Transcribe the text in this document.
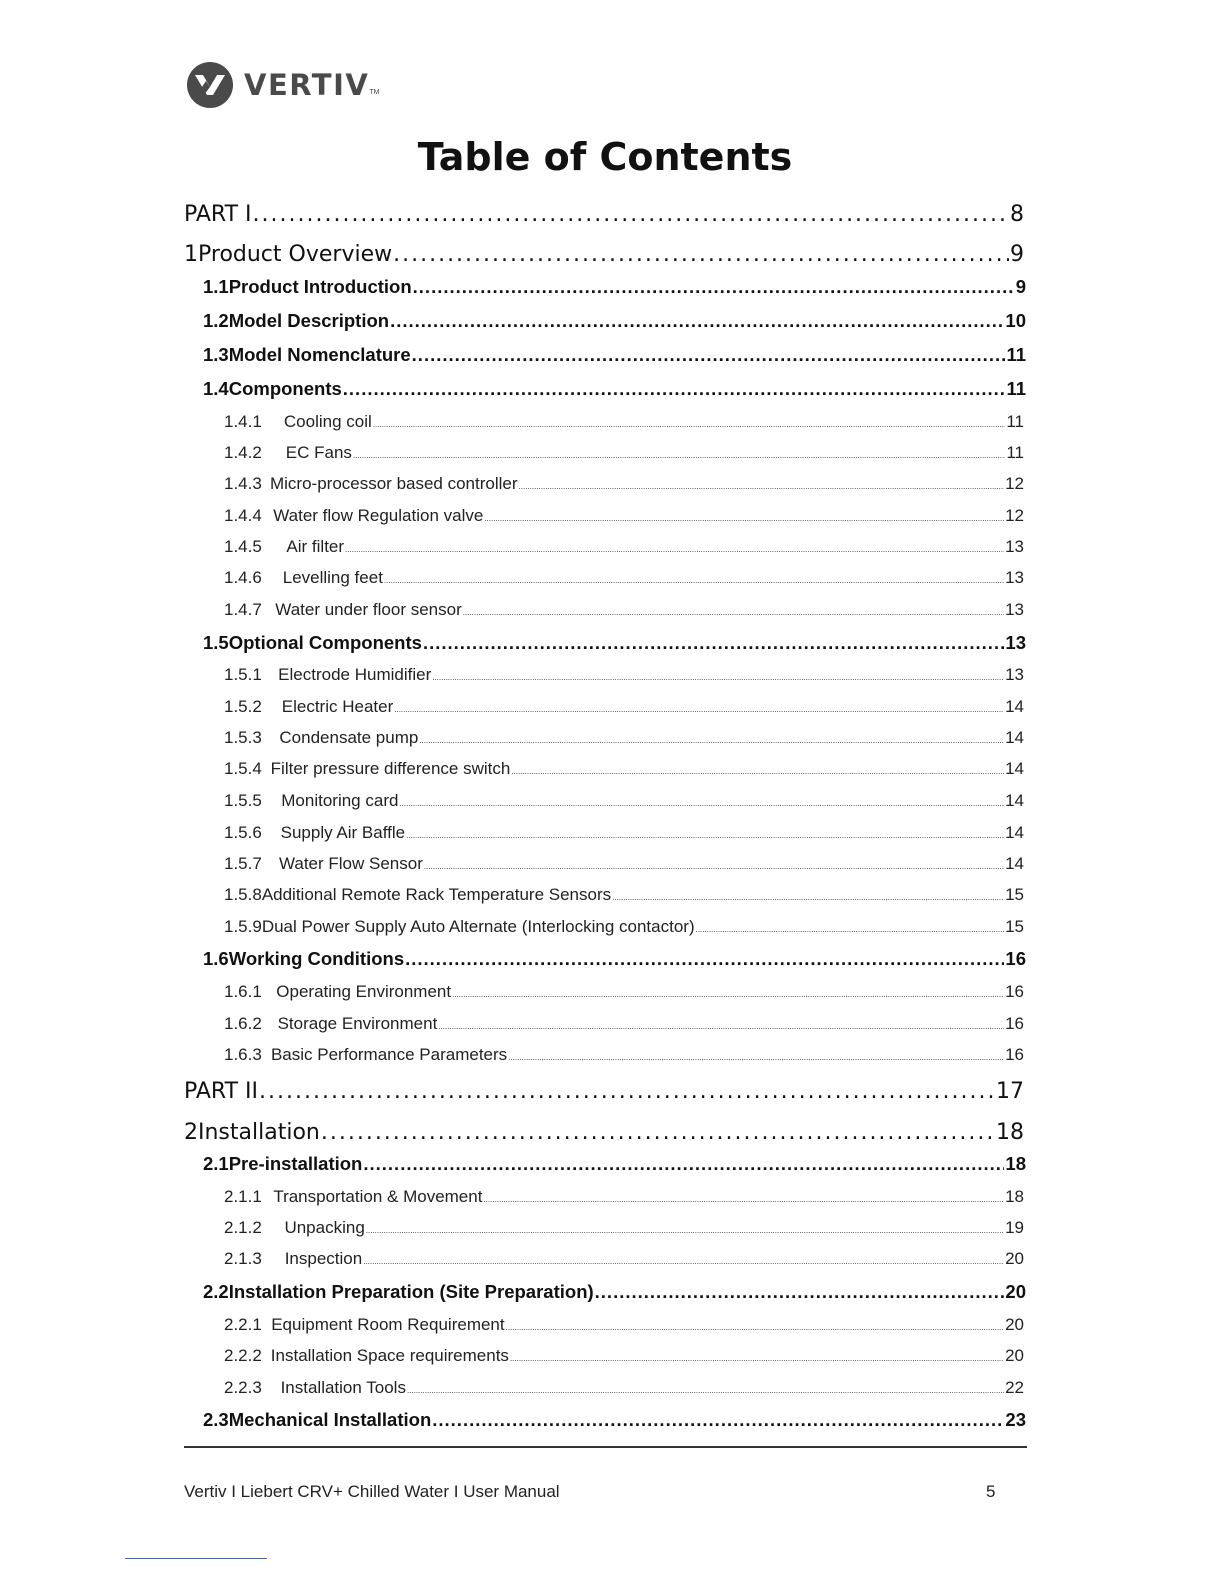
VERTIV TM
Table of Contents
PART I .....	8
1 Product Overview .....	9
1.1 Product Introduction .....	9
1.2 Model Description .....	10
1.3 Model Nomenclature .....	11
1.4 Components .....	11
1.4.1	Cooling coil .....	11
1.4.2	EC Fans .....	11
1.4.3 Micro-processor based controller .....	12
1.4.4 Water flow Regulation valve .....	12
1.4.5	Air filter .....	13
1.4.6	Levelling feet .....	13
1.4.7 Water under floor sensor .....	13
1.5 Optional Components .....	13
1.5.1 Electrode Humidifier .....	13
1.5.2	Electric Heater .....	14
1.5.3	Condensate pump .....	14
1.5.4 Filter pressure difference switch .....	14
1.5.5	Monitoring card .....	14
1.5.6	Supply Air Baffle .....	14
1.5.7	Water Flow Sensor .....	14
1.5.8 Additional Remote Rack Temperature Sensors .....	15
1.5.9 Dual Power Supply Auto Alternate (Interlocking contactor) .....	15
1.6 Working Conditions .....	16
1.6.1 Operating Environment .....	16
1.6.2 Storage Environment .....	16
1.6.3 Basic Performance Parameters .....	16
PART II .....	17
2 Installation .....	18
2.1 Pre-installation .....	18
2.1.1 Transportation & Movement .....	18
2.1.2	Unpacking .....	19
2.1.3	Inspection .....	20
2.2 Installation Preparation (Site Preparation) .....	20
2.2.1 Equipment Room Requirement .....	20
2.2.2 Installation Space requirements .....	20
2.2.3	Installation Tools .....	22
2.3 Mechanical Installation .....	23
Vertiv I Liebert CRV+ Chilled Water I User Manual	5
